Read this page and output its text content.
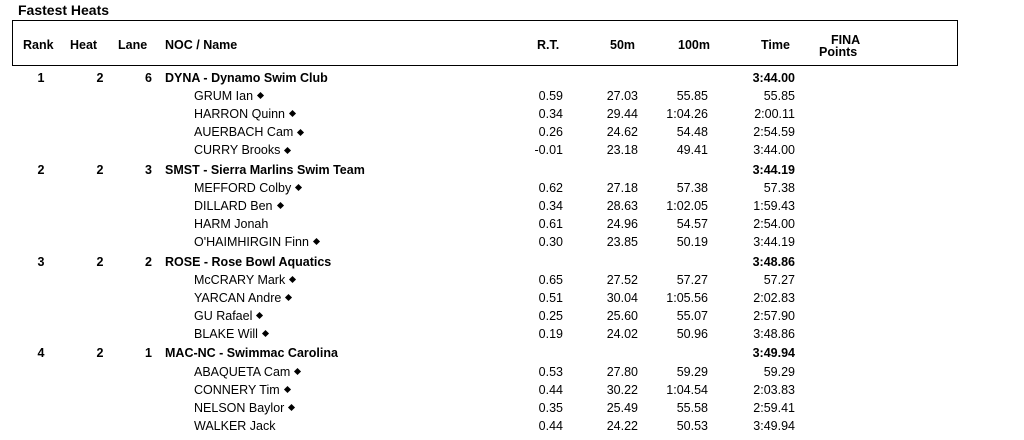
Fastest Heats
Rank Heat Lane NOC / Name	R.T.	50m	100m	Time	FINA
Points
1	2	6 DYNA - Dynamo Swim Club	3:44.00
GRUM Ian	0.59	27.03	55.85	55.85
HARRON Quinn	0.34	29.44	1:04.26	2:00.11
AUERBACH Cam	0.26	24.62	54.48	2:54.59
CURRY Brooks	-0.01	23.18	49.41	3:44.00
2	2	3 SMST - Sierra Marlins Swim Team	3:44.19
MEFFORD Colby	0.62	27.18	57.38	57.38
DILLARD Ben	0.34	28.63	1:02.05	1:59.43
HARM Jonah	0.61	24.96	54.57	2:54.00
O'HAIMHIRGIN Finn	0.30	23.85	50.19	3:44.19
3	2	2 ROSE - Rose Bowl Aquatics	3:48.86
McCRARY Mark	0.65	27.52	57.27	57.27
YARCAN Andre	0.51	30.04	1:05.56	2:02.83
GU Rafael	0.25	25.60	55.07	2:57.90
BLAKE Will	0.19	24.02	50.96	3:48.86
4	2	1 MAC-NC - Swimmac Carolina	3:49.94
ABAQUETA Cam	0.53	27.80	59.29	59.29
CONNERY Tim	0.44	30.22	1:04.54	2:03.83
NELSON Baylor	0.35	25.49	55.58	2:59.41
WALKER Jack	0.44	24.22	50.53	3:49.94
